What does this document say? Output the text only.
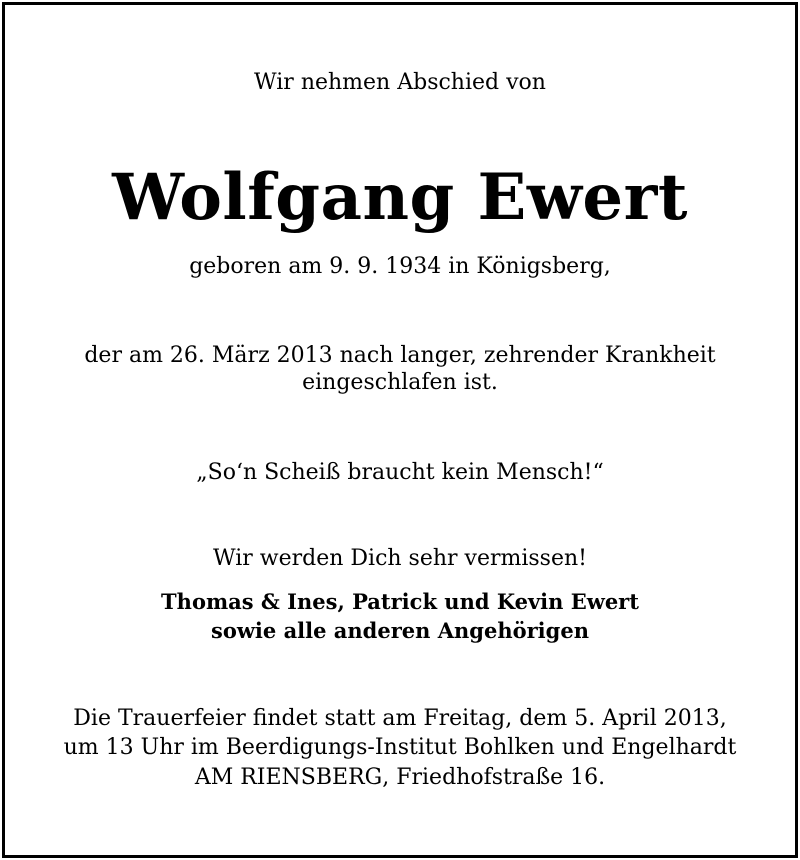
Wir nehmen Abschied von
Wolfgang Ewert
geboren am 9. 9. 1934 in Königsberg,
der am 26. März 2013 nach langer, zehrender Krankheit
eingeschlafen ist.
„So‘n Scheiß braucht kein Mensch!“
Wir werden Dich sehr vermissen!
Thomas & Ines, Patrick und Kevin Ewert
sowie alle anderen Angehörigen
Die Trauerfeier findet statt am Freitag, dem 5. April 2013,
um 13 Uhr im Beerdigungs-Institut Bohlken und Engelhardt
AM RIENSBERG, Friedhofstraße 16.
